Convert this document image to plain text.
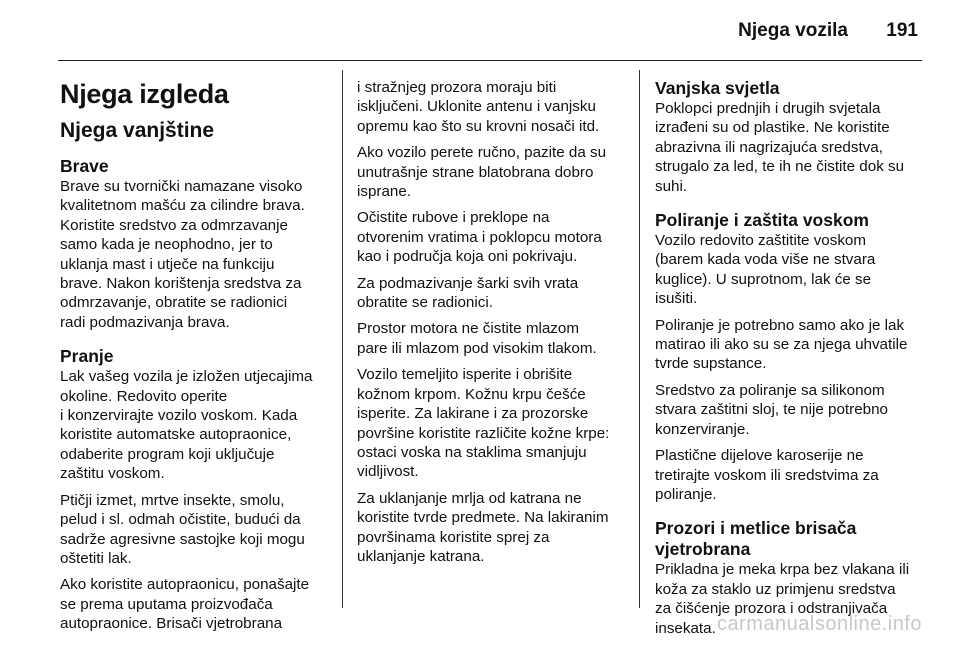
Njega vozila 191
Njega izgleda
Njega vanjštine
Brave

Brave su tvornički namazane visoko
kvalitetnom mašću za cilindre brava.
Koristite sredstvo za odmrzavanje
samo kada je neophodno, jer to
uklanja mast i utječe na funkciju
brave. Nakon korištenja sredstva za
odmrzavanje, obratite se radionici
radi podmazivanja brava.

Pranje

Lak vašeg vozila je izložen utjecajima
okoline. Redovito operite
i konzervirajte vozilo voskom. Kada
koristite automatske autopraonice,
odaberite program koji uključuje
zaštitu voskom.

Ptičji izmet, mrtve insekte, smolu,
pelud i sl. odmah očistite, budući da
sadrže agresivne sastojke koji mogu
oštetiti lak.

Ako koristite autopraonicu, ponašajte
se prema uputama proizvođača
autopraonice. Brisači vjetrobrana

i stražnjeg prozora moraju biti
isključeni. Uklonite antenu i vanjsku
opremu kao što su krovni nosači itd.

Ako vozilo perete ručno, pazite da su
unutrašnje strane blatobrana dobro
isprane.

Očistite rubove i preklope na
otvorenim vratima i poklopcu motora
kao i područja koja oni pokrivaju.

Za podmazivanje šarki svih vrata
obratite se radionici.

Prostor motora ne čistite mlazom
pare ili mlazom pod visokim tlakom.

Vozilo temeljito isperite i obrišite
kožnom krpom. Kožnu krpu češće
isperite. Za lakirane i za prozorske
površine koristite različite kožne krpe:
ostaci voska na staklima smanjuju
vidljivost.

Za uklanjanje mrlja od katrana ne
koristite tvrde predmete. Na lakiranim
površinama koristite sprej za
uklanjanje katrana.

Vanjska svjetla

Poklopci prednjih i drugih svjetala
izrađeni su od plastike. Ne koristite
abrazivna ili nagrizajuća sredstva,
strugalo za led, te ih ne čistite dok su
suhi.

Poliranje i zaštita voskom

Vozilo redovito zaštitite voskom
(barem kada voda više ne stvara
kuglice). U suprotnom, lak će se
isušiti.

Poliranje je potrebno samo ako je lak
matirao ili ako su se za njega uhvatile
tvrde supstance.

Sredstvo za poliranje sa silikonom
stvara zaštitni sloj, te nije potrebno
konzerviranje.

Plastične dijelove karoserije ne
tretirajte voskom ili sredstvima za
poliranje.

Prozori i metlice brisača
vjetrobrana

Prikladna je meka krpa bez vlakana ili
koža za staklo uz primjenu sredstva
za čišćenje prozora i odstranjivača
insekata. carmanualsonline.info
